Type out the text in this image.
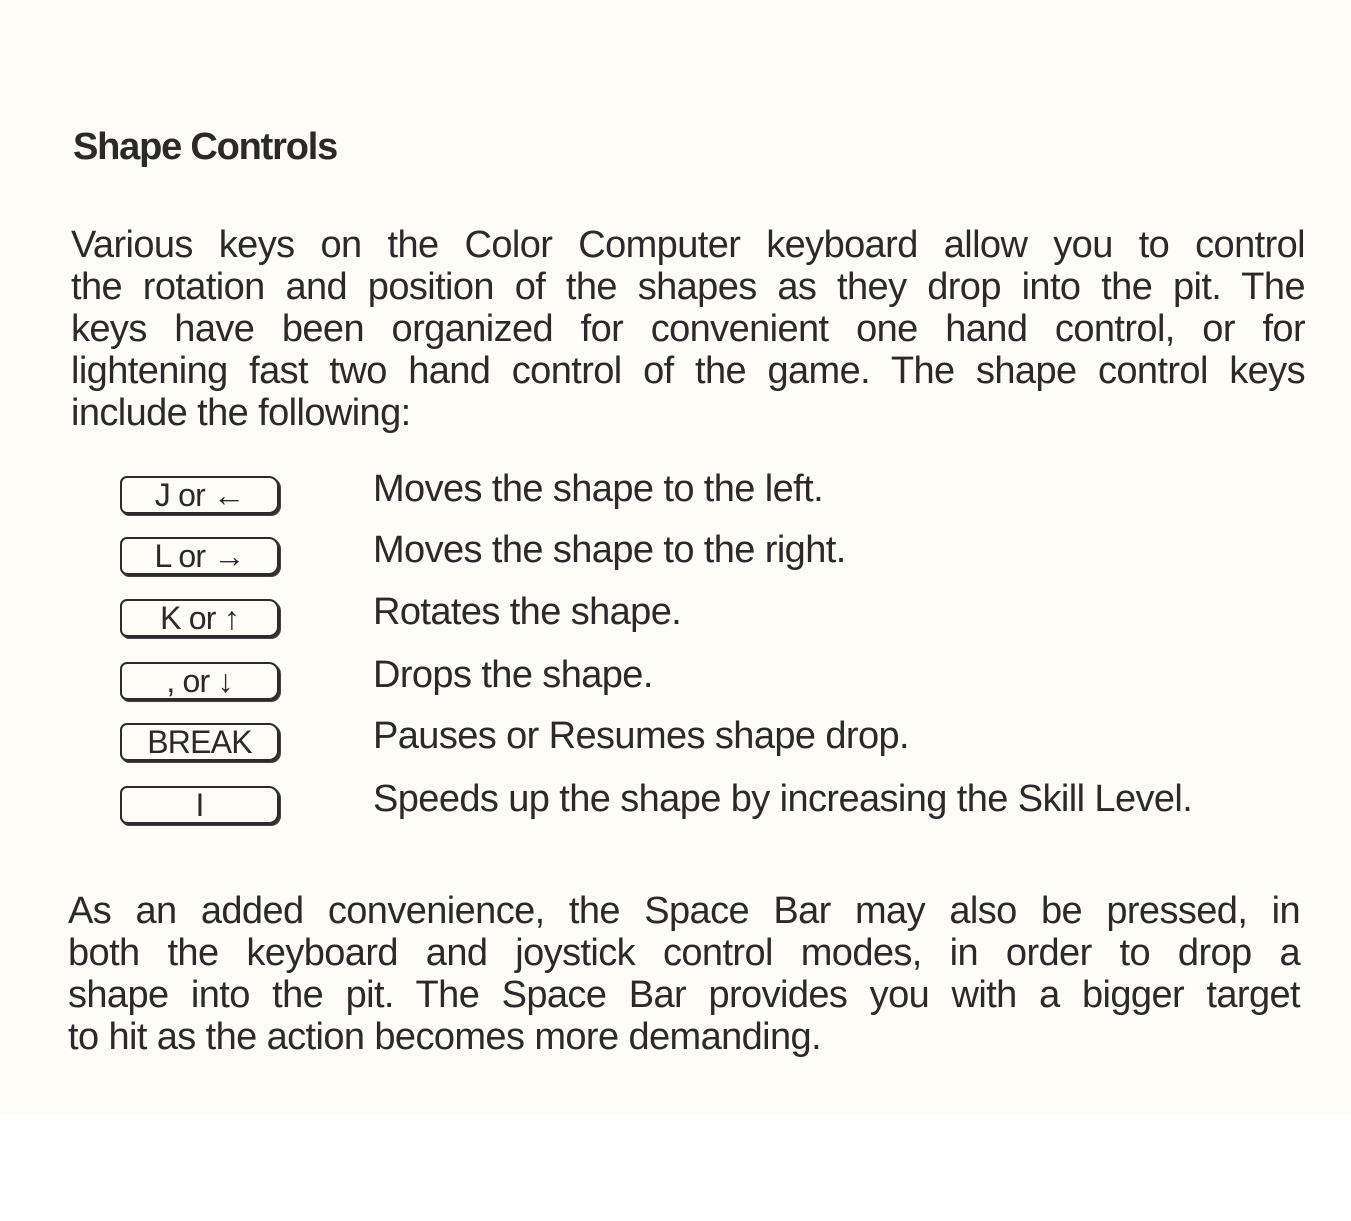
Shape Controls
Various keys on the Color Computer keyboard allow you to control
the rotation and position of the shapes as they drop into the pit. The
keys have been organized for convenient one hand control, or for
lightening fast two hand control of the game. The shape control keys
include the following:
J or ←	Moves the shape to the left.
L or →	Moves the shape to the right.
K or ↑	Rotates the shape.
, or ↓	Drops the shape.
BREAK	Pauses or Resumes shape drop.
I	Speeds up the shape by increasing the Skill Level.
As an added convenience, the Space Bar may also be pressed, in
both the keyboard and joystick control modes, in order to drop a
shape into the pit. The Space Bar provides you with a bigger target
to hit as the action becomes more demanding.
